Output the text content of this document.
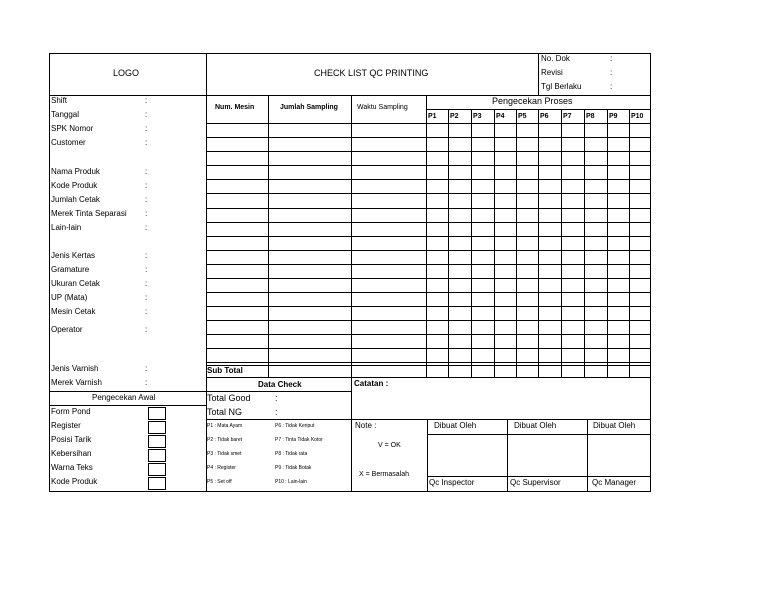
LOGO	CHECK LIST QC PRINTING
No. Dok	:
Revisi	:
Tgl Berlaku	:
Shift	:
Tanggal	:
SPK Nomor	:
Customer	:
Nama Produk	:
Kode Produk	:
Jumlah Cetak	:
Merek Tinta Separasi :
Lain-lain	:
Jenis Kertas	:
Gramature	:
Ukuran Cetak	:
UP (Mata)	:
Mesin Cetak	:
Operator	:
Jenis Varnish	:
Merek Varnish	:
Num. Mesin	Jumlah Sampling	Waktu Sampling
Pengecekan Proses
P1 P2 P3 P4 P5 P6 P7 P8 P9 P10
Sub Total
Pengecekan Awal
Form Pond
Register
Posisi Tarik
Kebersihan
Warna Teks
Kode Produk
Data Check	Catatan :
Total Good	:
Total NG	:
P1 : Mata Ayam	P6 : Tidak Keriput
P2 : Tidak baret	P7 : Tinta Tidak Kotor
P3 : Tidak smet	P8 : Tidak rata
P4 : Register	P9 : Tidak Botak
P5 : Set off	P10 : Lain-lain
Note :
V = OK
X = Bermasalah
Dibuat Oleh
Qc Inspector
Dibuat Oleh
Qc Supervisor
Dibuat Oleh
Qc Manager
